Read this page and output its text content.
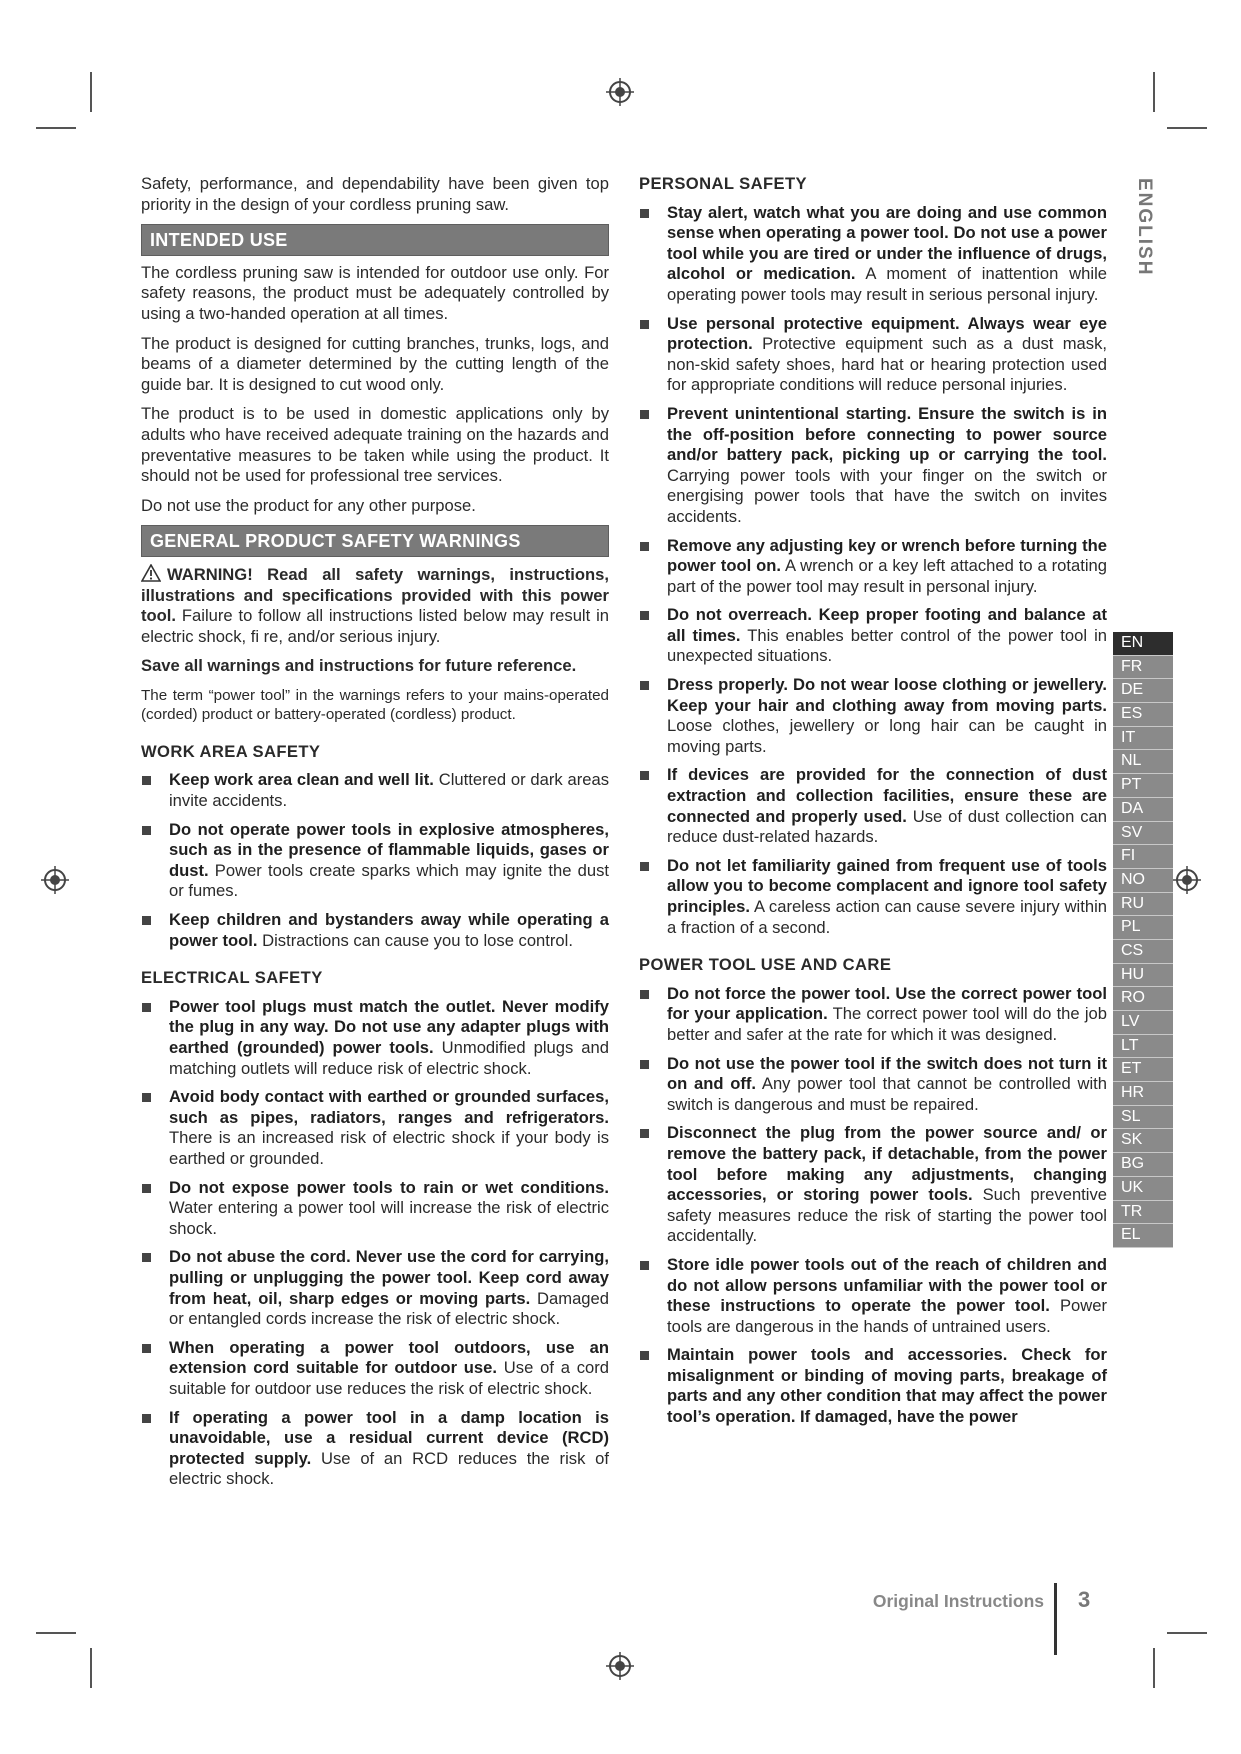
Safety, performance, and dependability have been given top priority in the design of your cordless pruning saw.

INTENDED USE

The cordless pruning saw is intended for outdoor use only. For safety reasons, the product must be adequately controlled by using a two-handed operation at all times.

The product is designed for cutting branches, trunks, logs, and beams of a diameter determined by the cutting length of the guide bar. It is designed to cut wood only.

The product is to be used in domestic applications only by adults who have received adequate training on the hazards and preventative measures to be taken while using the product. It should not be used for professional tree services.

Do not use the product for any other purpose.

GENERAL PRODUCT SAFETY WARNINGS

WARNING! Read all safety warnings, instructions, illustrations and specifications provided with this power tool. Failure to follow all instructions listed below may result in electric shock, fi re, and/or serious injury.

Save all warnings and instructions for future reference.

The term “power tool” in the warnings refers to your mains-operated (corded) product or battery-operated (cordless) product.

WORK AREA SAFETY
Keep work area clean and well lit. Cluttered or dark areas invite accidents.
Do not operate power tools in explosive atmospheres, such as in the presence of flammable liquids, gases or dust. Power tools create sparks which may ignite the dust or fumes.
Keep children and bystanders away while operating a power tool. Distractions can cause you to lose control.
ELECTRICAL SAFETY
Power tool plugs must match the outlet. Never modify the plug in any way. Do not use any adapter plugs with earthed (grounded) power tools. Unmodified plugs and matching outlets will reduce risk of electric shock.
Avoid body contact with earthed or grounded surfaces, such as pipes, radiators, ranges and refrigerators. There is an increased risk of electric shock if your body is earthed or grounded.
Do not expose power tools to rain or wet conditions. Water entering a power tool will increase the risk of electric shock.
Do not abuse the cord. Never use the cord for carrying, pulling or unplugging the power tool. Keep cord away from heat, oil, sharp edges or moving parts. Damaged or entangled cords increase the risk of electric shock.
When operating a power tool outdoors, use an extension cord suitable for outdoor use. Use of a cord suitable for outdoor use reduces the risk of electric shock.
If operating a power tool in a damp location is unavoidable, use a residual current device (RCD) protected supply. Use of an RCD reduces the risk of electric shock.
PERSONAL SAFETY
Stay alert, watch what you are doing and use common sense when operating a power tool. Do not use a power tool while you are tired or under the influence of drugs, alcohol or medication. A moment of inattention while operating power tools may result in serious personal injury.
Use personal protective equipment. Always wear eye protection. Protective equipment such as a dust mask, non-skid safety shoes, hard hat or hearing protection used for appropriate conditions will reduce personal injuries.
Prevent unintentional starting. Ensure the switch is in the off-position before connecting to power source and/or battery pack, picking up or carrying the tool. Carrying power tools with your finger on the switch or energising power tools that have the switch on invites accidents.
Remove any adjusting key or wrench before turning the power tool on. A wrench or a key left attached to a rotating part of the power tool may result in personal injury.
Do not overreach. Keep proper footing and balance at all times. This enables better control of the power tool in unexpected situations.
Dress properly. Do not wear loose clothing or jewellery. Keep your hair and clothing away from moving parts. Loose clothes, jewellery or long hair can be caught in moving parts.
If devices are provided for the connection of dust extraction and collection facilities, ensure these are connected and properly used. Use of dust collection can reduce dust-related hazards.
Do not let familiarity gained from frequent use of tools allow you to become complacent and ignore tool safety principles. A careless action can cause severe injury within a fraction of a second.
POWER TOOL USE AND CARE
Do not force the power tool. Use the correct power tool for your application. The correct power tool will do the job better and safer at the rate for which it was designed.
Do not use the power tool if the switch does not turn it on and off. Any power tool that cannot be controlled with switch is dangerous and must be repaired.
Disconnect the plug from the power source and/ or remove the battery pack, if detachable, from the power tool before making any adjustments, changing accessories, or storing power tools. Such preventive safety measures reduce the risk of starting the power tool accidentally.
Store idle power tools out of the reach of children and do not allow persons unfamiliar with the power tool or these instructions to operate the power tool. Power tools are dangerous in the hands of untrained users.
Maintain power tools and accessories. Check for misalignment or binding of moving parts, breakage of parts and any other condition that may affect the power tool’s operation. If damaged, have the power
ENGLISH
EN
FR
DE
ES
IT
NL
PT
DA
SV
FI
NO
RU
PL
CS
HU
RO
LV
LT
ET
HR
SL
SK
BG
UK
TR
EL
Original Instructions 3
